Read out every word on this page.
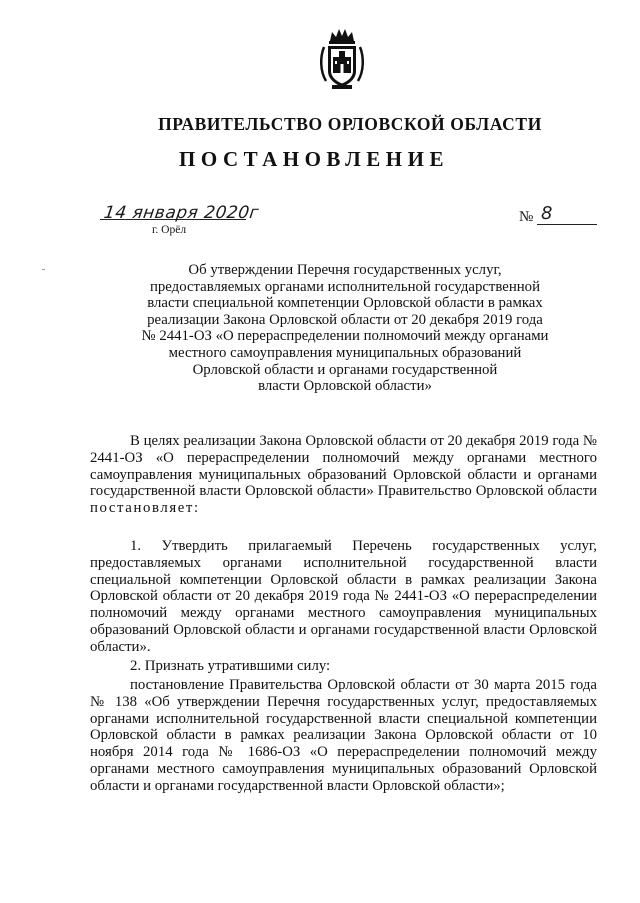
ПРАВИТЕЛЬСТВО ОРЛОВСКОЙ ОБЛАСТИ
ПОСТАНОВЛЕНИЕ
14 января 2020г
г. Орёл
№ 8
Об утверждении Перечня государственных услуг,
предоставляемых органами исполнительной государственной
власти специальной компетенции Орловской области в рамках
реализации Закона Орловской области от 20 декабря 2019 года
№ 2441-ОЗ «О перераспределении полномочий между органами
местного самоуправления муниципальных образований
Орловской области и органами государственной
власти Орловской области»
В целях реализации Закона Орловской области от 20 декабря 2019 года № 2441-ОЗ «О перераспределении полномочий между органами местного самоуправления муниципальных образований Орловской области и органами государственной власти Орловской области» Правительство Орловской области постановляет:
1. Утвердить прилагаемый Перечень государственных услуг, предоставляемых органами исполнительной государственной власти специальной компетенции Орловской области в рамках реализации Закона Орловской области от 20 декабря 2019 года № 2441-ОЗ «О перераспределении полномочий между органами местного самоуправления муниципальных образований Орловской области и органами государственной власти Орловской области».
2. Признать утратившими силу:
постановление Правительства Орловской области от 30 марта 2015 года № 138 «Об утверждении Перечня государственных услуг, предоставляемых органами исполнительной государственной власти специальной компетенции Орловской области в рамках реализации Закона Орловской области от 10 ноября 2014 года № 1686-ОЗ «О перераспределении полномочий между органами местного самоуправления муниципальных образований Орловской области и органами государственной власти Орловской области»;
